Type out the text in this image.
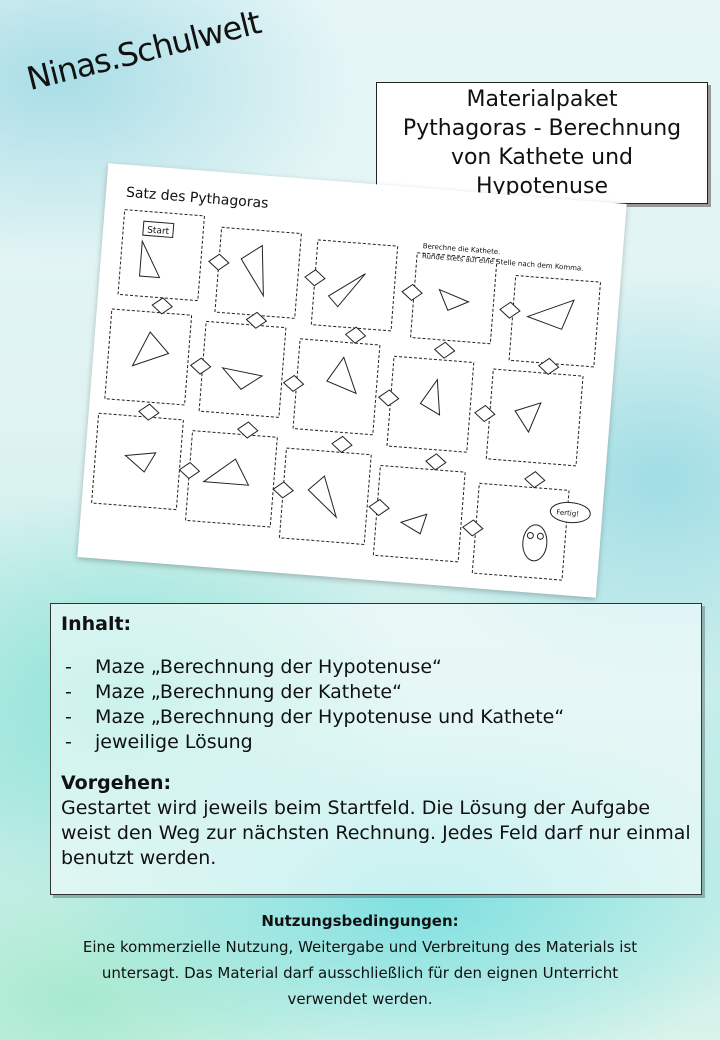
Ninas.Schulwelt
Materialpaket
Pythagoras - Berechnung
von Kathete und
Hypotenuse
Satz des Pythagoras
Berechne die Kathete.
Runde stets auf eine Stelle nach dem Komma.
Start
Fertig!
Inhalt:
- Maze „Berechnung der Hypotenuse“
- Maze „Berechnung der Kathete“
- Maze „Berechnung der Hypotenuse und Kathete“
- jeweilige Lösung
Vorgehen:

Gestartet wird jeweils beim Startfeld. Die Lösung der Aufgabe weist den Weg zur nächsten Rechnung. Jedes Feld darf nur einmal benutzt werden.

Nutzungsbedingungen:
Eine kommerzielle Nutzung, Weitergabe und Verbreitung des Materials ist untersagt. Das Material darf ausschließlich für den eignen Unterricht verwendet werden.
